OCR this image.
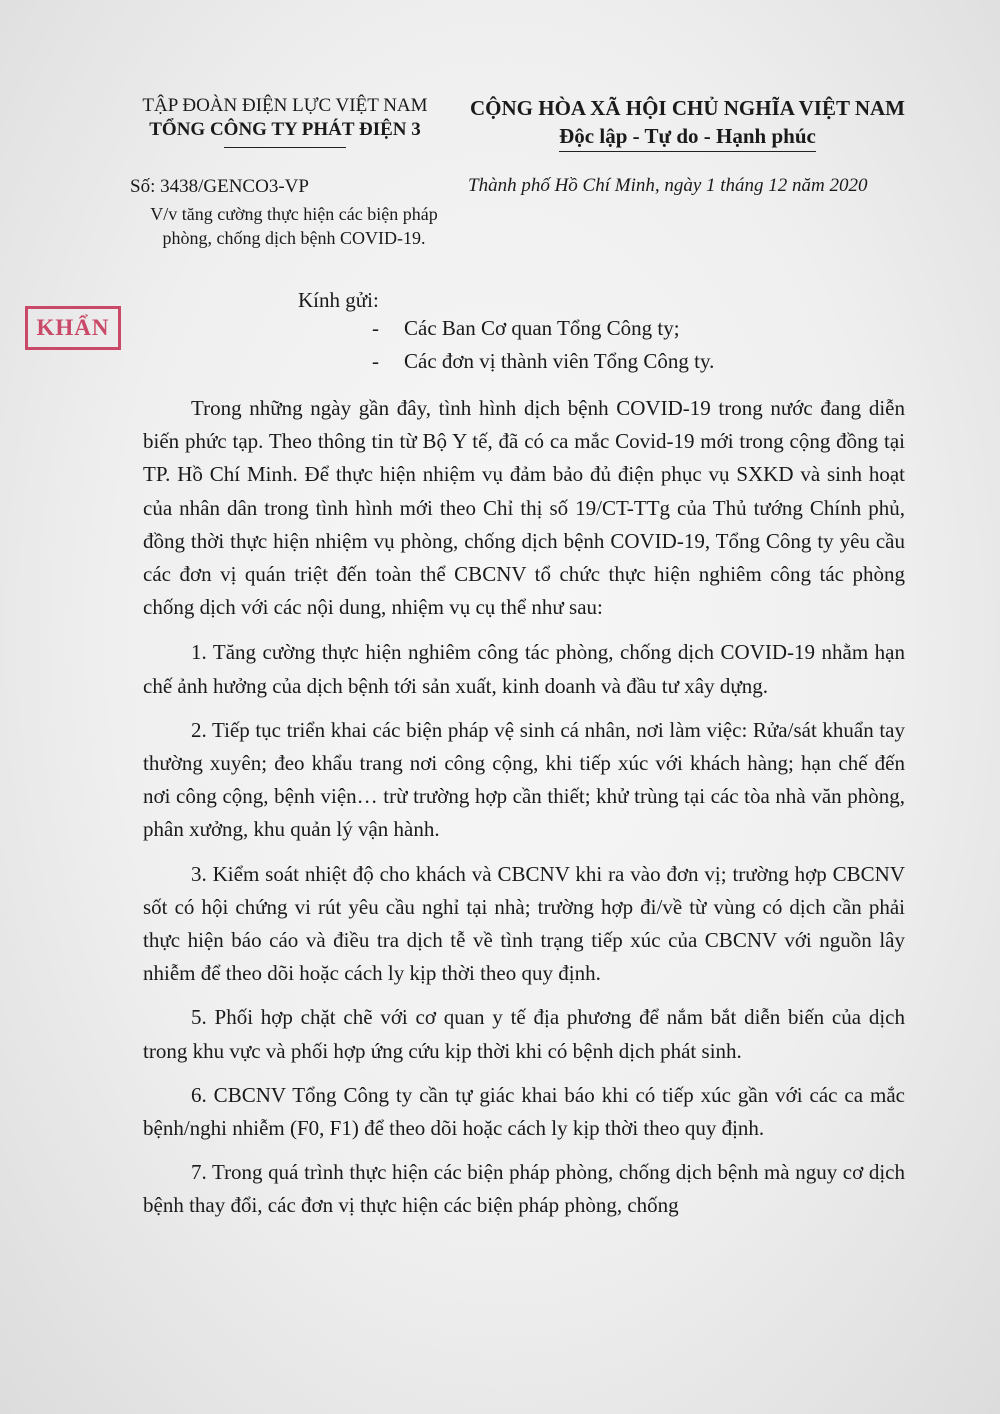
TẬP ĐOÀN ĐIỆN LỰC VIỆT NAM
TỔNG CÔNG TY PHÁT ĐIỆN 3
CỘNG HÒA XÃ HỘI CHỦ NGHĨA VIỆT NAM
Độc lập - Tự do - Hạnh phúc
Số: 3438/GENCO3-VP
V/v tăng cường thực hiện các biện pháp
phòng, chống dịch bệnh COVID-19.
Thành phố Hồ Chí Minh, ngày 1 tháng 12 năm 2020
KHẨN
Kính gửi:
- Các Ban Cơ quan Tổng Công ty;
- Các đơn vị thành viên Tổng Công ty.

Trong những ngày gần đây, tình hình dịch bệnh COVID-19 trong nước đang diễn biến phức tạp. Theo thông tin từ Bộ Y tế, đã có ca mắc Covid-19 mới trong cộng đồng tại TP. Hồ Chí Minh. Để thực hiện nhiệm vụ đảm bảo đủ điện phục vụ SXKD và sinh hoạt của nhân dân trong tình hình mới theo Chỉ thị số 19/CT-TTg của Thủ tướng Chính phủ, đồng thời thực hiện nhiệm vụ phòng, chống dịch bệnh COVID-19, Tổng Công ty yêu cầu các đơn vị quán triệt đến toàn thể CBCNV tổ chức thực hiện nghiêm công tác phòng chống dịch với các nội dung, nhiệm vụ cụ thể như sau:

1. Tăng cường thực hiện nghiêm công tác phòng, chống dịch COVID-19 nhằm hạn chế ảnh hưởng của dịch bệnh tới sản xuất, kinh doanh và đầu tư xây dựng.

2. Tiếp tục triển khai các biện pháp vệ sinh cá nhân, nơi làm việc: Rửa/sát khuẩn tay thường xuyên; đeo khẩu trang nơi công cộng, khi tiếp xúc với khách hàng; hạn chế đến nơi công cộng, bệnh viện… trừ trường hợp cần thiết; khử trùng tại các tòa nhà văn phòng, phân xưởng, khu quản lý vận hành.

3. Kiểm soát nhiệt độ cho khách và CBCNV khi ra vào đơn vị; trường hợp CBCNV sốt có hội chứng vi rút yêu cầu nghỉ tại nhà; trường hợp đi/về từ vùng có dịch cần phải thực hiện báo cáo và điều tra dịch tễ về tình trạng tiếp xúc của CBCNV với nguồn lây nhiễm để theo dõi hoặc cách ly kịp thời theo quy định.

5. Phối hợp chặt chẽ với cơ quan y tế địa phương để nắm bắt diễn biến của dịch trong khu vực và phối hợp ứng cứu kịp thời khi có bệnh dịch phát sinh.

6. CBCNV Tổng Công ty cần tự giác khai báo khi có tiếp xúc gần với các ca mắc bệnh/nghi nhiễm (F0, F1) để theo dõi hoặc cách ly kịp thời theo quy định.

7. Trong quá trình thực hiện các biện pháp phòng, chống dịch bệnh mà nguy cơ dịch bệnh thay đổi, các đơn vị thực hiện các biện pháp phòng, chống
